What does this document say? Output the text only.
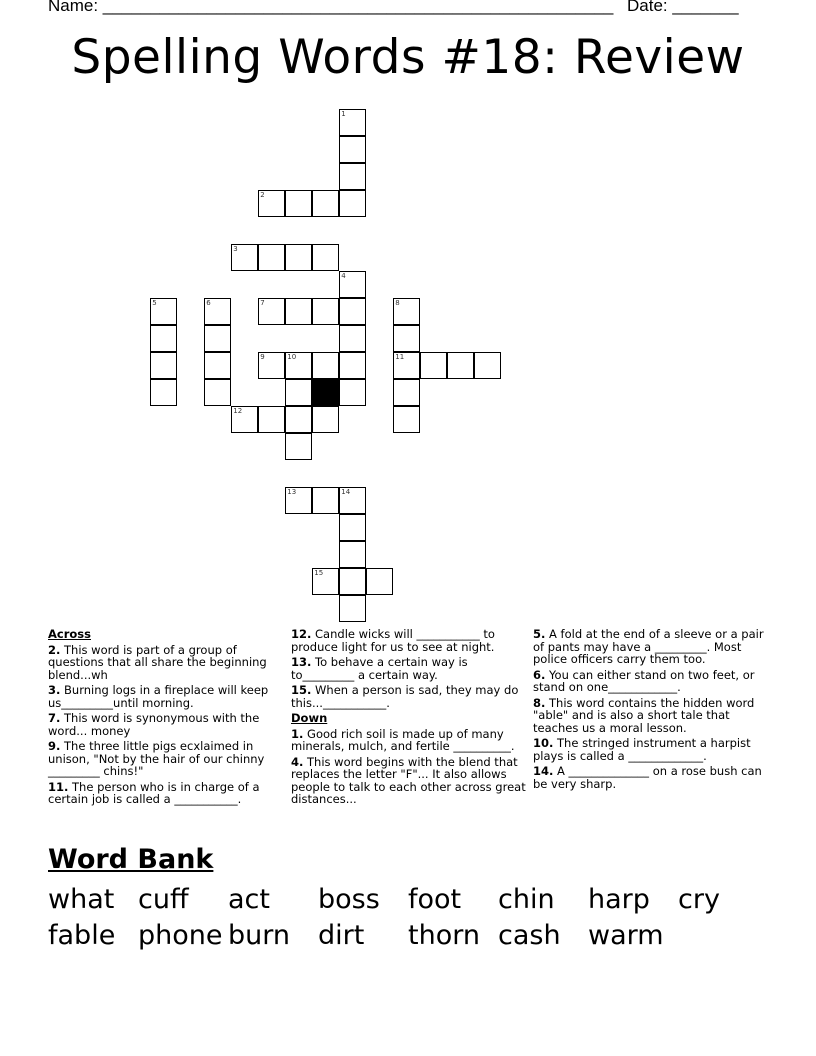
Name: ______________________________________________________ Date: _______
Spelling Words #18: Review
1
2
3
4
5	6	7	8
9	10	11
12
13	14
15
Across
2. This word is part of a group of questions that all share the beginning blend...wh
3. Burning logs in a fireplace will keep us_________until morning.
7. This word is synonymous with the word... money
9. The three little pigs ecxlaimed in unison, "Not by the hair of our chinny _________ chins!"
11. The person who is in charge of a certain job is called a ___________.
12. Candle wicks will ___________ to produce light for us to see at night.
13. To behave a certain way is to_________ a certain way.
15. When a person is sad, they may do this...___________.
Down
1. Good rich soil is made up of many minerals, mulch, and fertile __________.
4. This word begins with the blend that replaces the letter "F"... It also allows people to talk to each other across great distances...
5. A fold at the end of a sleeve or a pair of pants may have a _________. Most police officers carry them too.
6. You can either stand on two feet, or stand on one____________.
8. This word contains the hidden word "able" and is also a short tale that teaches us a moral lesson.
10. The stringed instrument a harpist plays is called a _____________.
14. A ______________ on a rose bush can be very sharp.
Word Bank
what cuff act boss foot chin harp cry
fable phone burn dirt thorn cash warm
